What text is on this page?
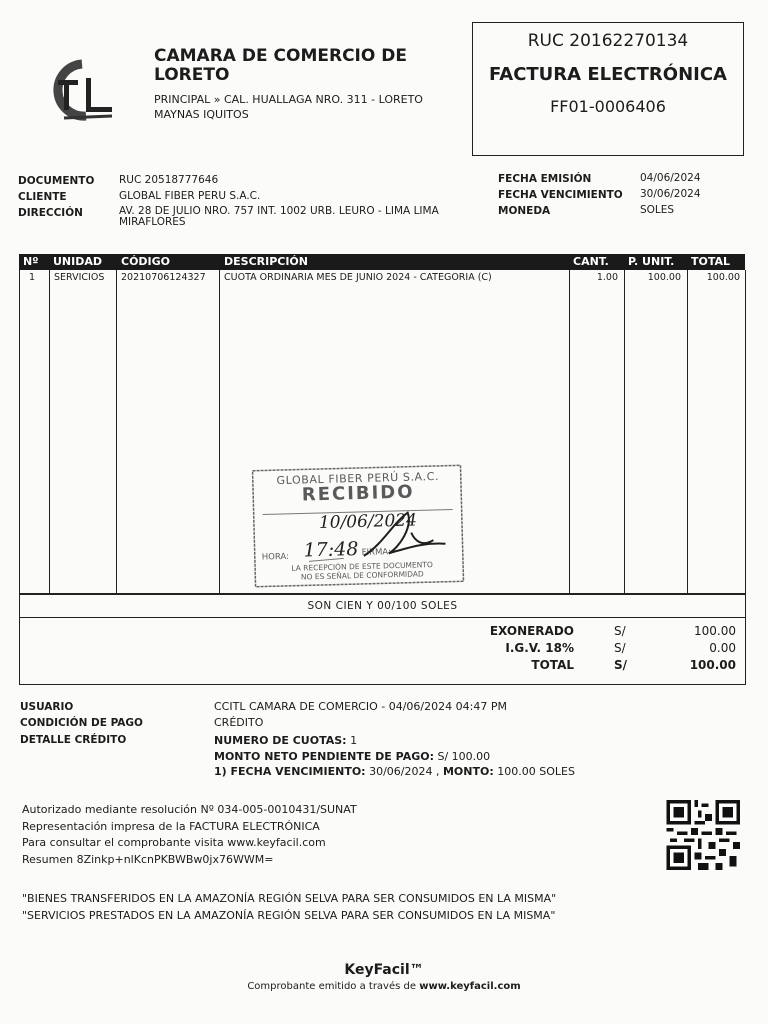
CAMARA DE COMERCIO DE LORETO
PRINCIPAL » CAL. HUALLAGA NRO. 311 - LORETO MAYNAS IQUITOS
RUC 20162270134
FACTURA ELECTRÓNICA
FF01-0006406
DOCUMENTO RUC 20518777646
CLIENTE	GLOBAL FIBER PERU S.A.C.
DIRECCIÓN	AV. 28 DE JULIO NRO. 757 INT. 1002 URB. LEURO - LIMA LIMA MIRAFLORES
FECHA EMISIÓN	04/06/2024
FECHA VENCIMIENTO 30/06/2024
MONEDA	SOLES
Nº UNIDAD CÓDIGO	DESCRIPCIÓN	CANT. P. UNIT. TOTAL
1 SERVICIOS 20210706124327 CUOTA ORDINARIA MES DE JUNIO 2024 - CATEGORIA (C)	1.00	100.00	100.00
GLOBAL FIBER PERÚ S.A.C.
RECIBIDO
10/06/2024
HORA: 17:48 FIRMA:
LA RECEPCIÓN DE ESTE DOCUMENTO
NO ES SEÑAL DE CONFORMIDAD
SON CIEN Y 00/100 SOLES
EXONERADO	S/	100.00
I.G.V. 18%	S/	0.00
TOTAL	S/	100.00
USUARIO	CCITL CAMARA DE COMERCIO - 04/06/2024 04:47 PM
CONDICIÓN DE PAGO	CRÉDITO
DETALLE CRÉDITO	NUMERO DE CUOTAS: 1
MONTO NETO PENDIENTE DE PAGO: S/ 100.00
1) FECHA VENCIMIENTO: 30/06/2024 , MONTO: 100.00 SOLES
Autorizado mediante resolución Nº 034-005-0010431/SUNAT
Representación impresa de la FACTURA ELECTRÓNICA
Para consultar el comprobante visita www.keyfacil.com
Resumen 8Zinkp+nlKcnPKBWBw0jx76WWM=
"BIENES TRANSFERIDOS EN LA AMAZONÍA REGIÓN SELVA PARA SER CONSUMIDOS EN LA MISMA"
"SERVICIOS PRESTADOS EN LA AMAZONÍA REGIÓN SELVA PARA SER CONSUMIDOS EN LA MISMA"
KeyFacil™
Comprobante emitido a través de www.keyfacil.com
